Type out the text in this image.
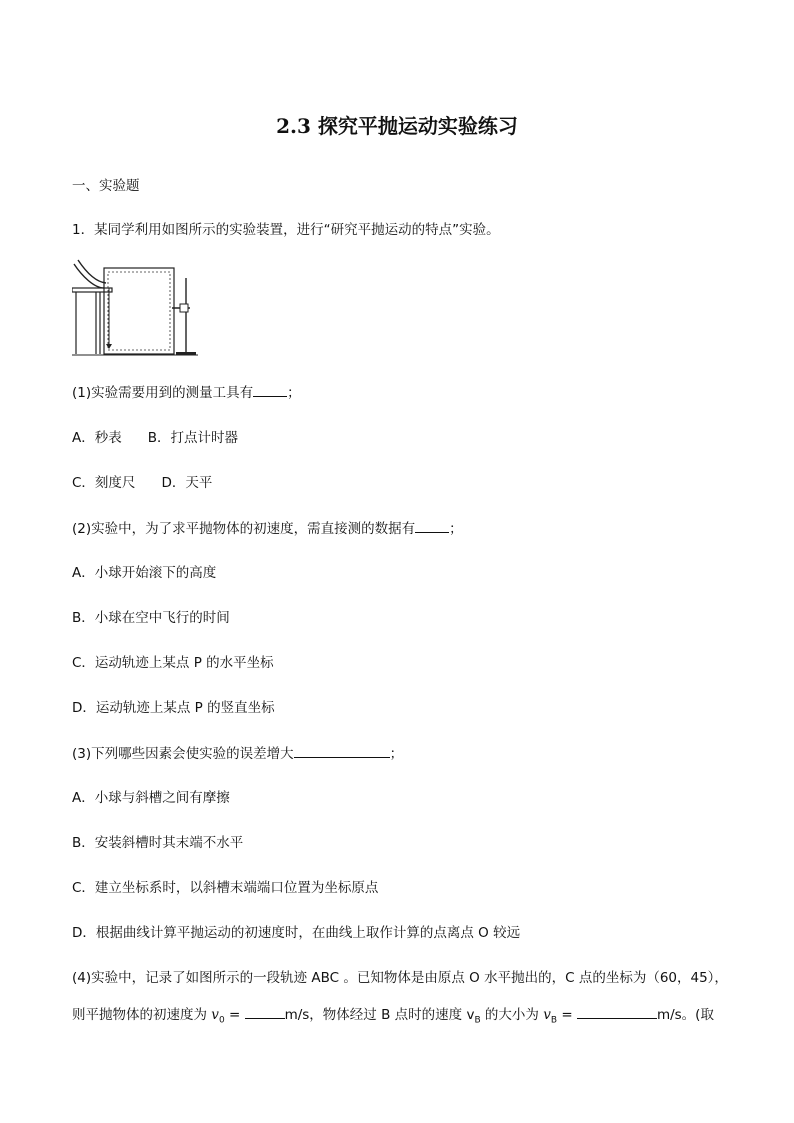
2.3 探究平抛运动实验练习
一、实验题
1．某同学利用如图所示的实验装置，进行“研究平抛运动的特点”实验。
(1)实验需要用到的测量工具有	；
A．秒表 B．打点计时器
C．刻度尺 D．天平
(2)实验中，为了求平抛物体的初速度，需直接测的数据有	；
A．小球开始滚下的高度
B．小球在空中飞行的时间
C．运动轨迹上某点 P 的水平坐标
D．运动轨迹上某点 P 的竖直坐标
(3)下列哪些因素会使实验的误差增大	；
A．小球与斜槽之间有摩擦
B．安装斜槽时其末端不水平
C．建立坐标系时，以斜槽末端端口位置为坐标原点
D．根据曲线计算平抛运动的初速度时，在曲线上取作计算的点离点 O 较远
(4)实验中，记录了如图所示的一段轨迹 ABC 。已知物体是由原点 O 水平抛出的，C 点的坐标为（60，45），
则平抛物体的初速度为 $v_0$ =	m/s，物体经过 B 点时的速度 $v_B$ 的大小为 $v_B$ =	m/s。(取
